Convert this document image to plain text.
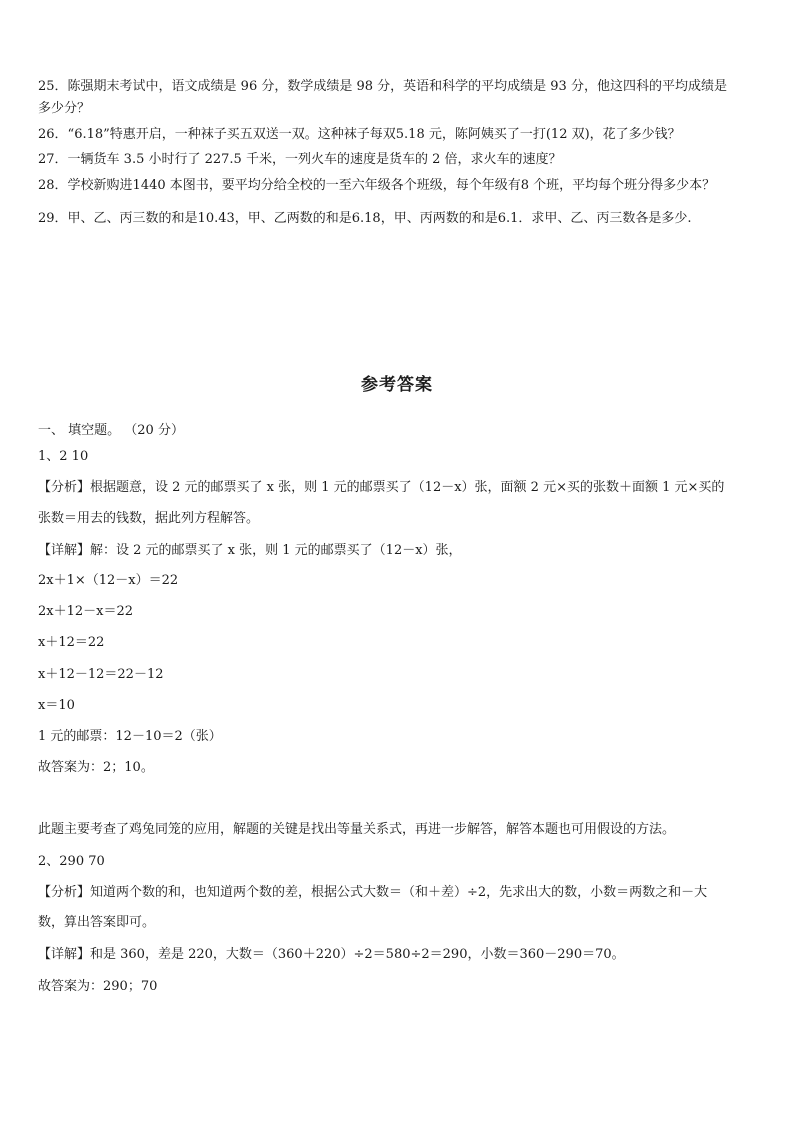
25．陈强期末考试中，语文成绩是 96 分，数学成绩是 98 分，英语和科学的平均成绩是 93 分，他这四科的平均成绩是
多少分？
26．“6.18”特惠开启，一种袜子买五双送一双。这种袜子每双5.18 元，陈阿姨买了一打(12 双)，花了多少钱？
27．一辆货车 3.5 小时行了 227.5 千米，一列火车的速度是货车的 2 倍，求火车的速度？
28．学校新购进1440 本图书，要平均分给全校的一至六年级各个班级，每个年级有8 个班，平均每个班分得多少本？
29．甲、乙、丙三数的和是10.43，甲、乙两数的和是6.18，甲、丙两数的和是6.1．求甲、乙、丙三数各是多少.
参考答案
一、 填空题。 （20 分）
1、2 10
【分析】根据题意，设 2 元的邮票买了 x 张，则 1 元的邮票买了（12－x）张，面额 2 元×买的张数＋面额 1 元×买的
张数＝用去的钱数，据此列方程解答。
【详解】解：设 2 元的邮票买了 x 张，则 1 元的邮票买了（12－x）张，
2x＋1×（12－x）＝22
2x＋12－x＝22
x＋12＝22
x＋12－12＝22－12
x＝10
1 元的邮票：12－10＝2（张）
故答案为：2；10。
此题主要考查了鸡兔同笼的应用，解题的关键是找出等量关系式，再进一步解答，解答本题也可用假设的方法。
2、290 70
【分析】知道两个数的和，也知道两个数的差，根据公式大数＝（和＋差）÷2，先求出大的数，小数＝两数之和－大
数，算出答案即可。
【详解】和是 360，差是 220，大数＝（360＋220）÷2＝580÷2＝290，小数＝360－290＝70。
故答案为：290；70
